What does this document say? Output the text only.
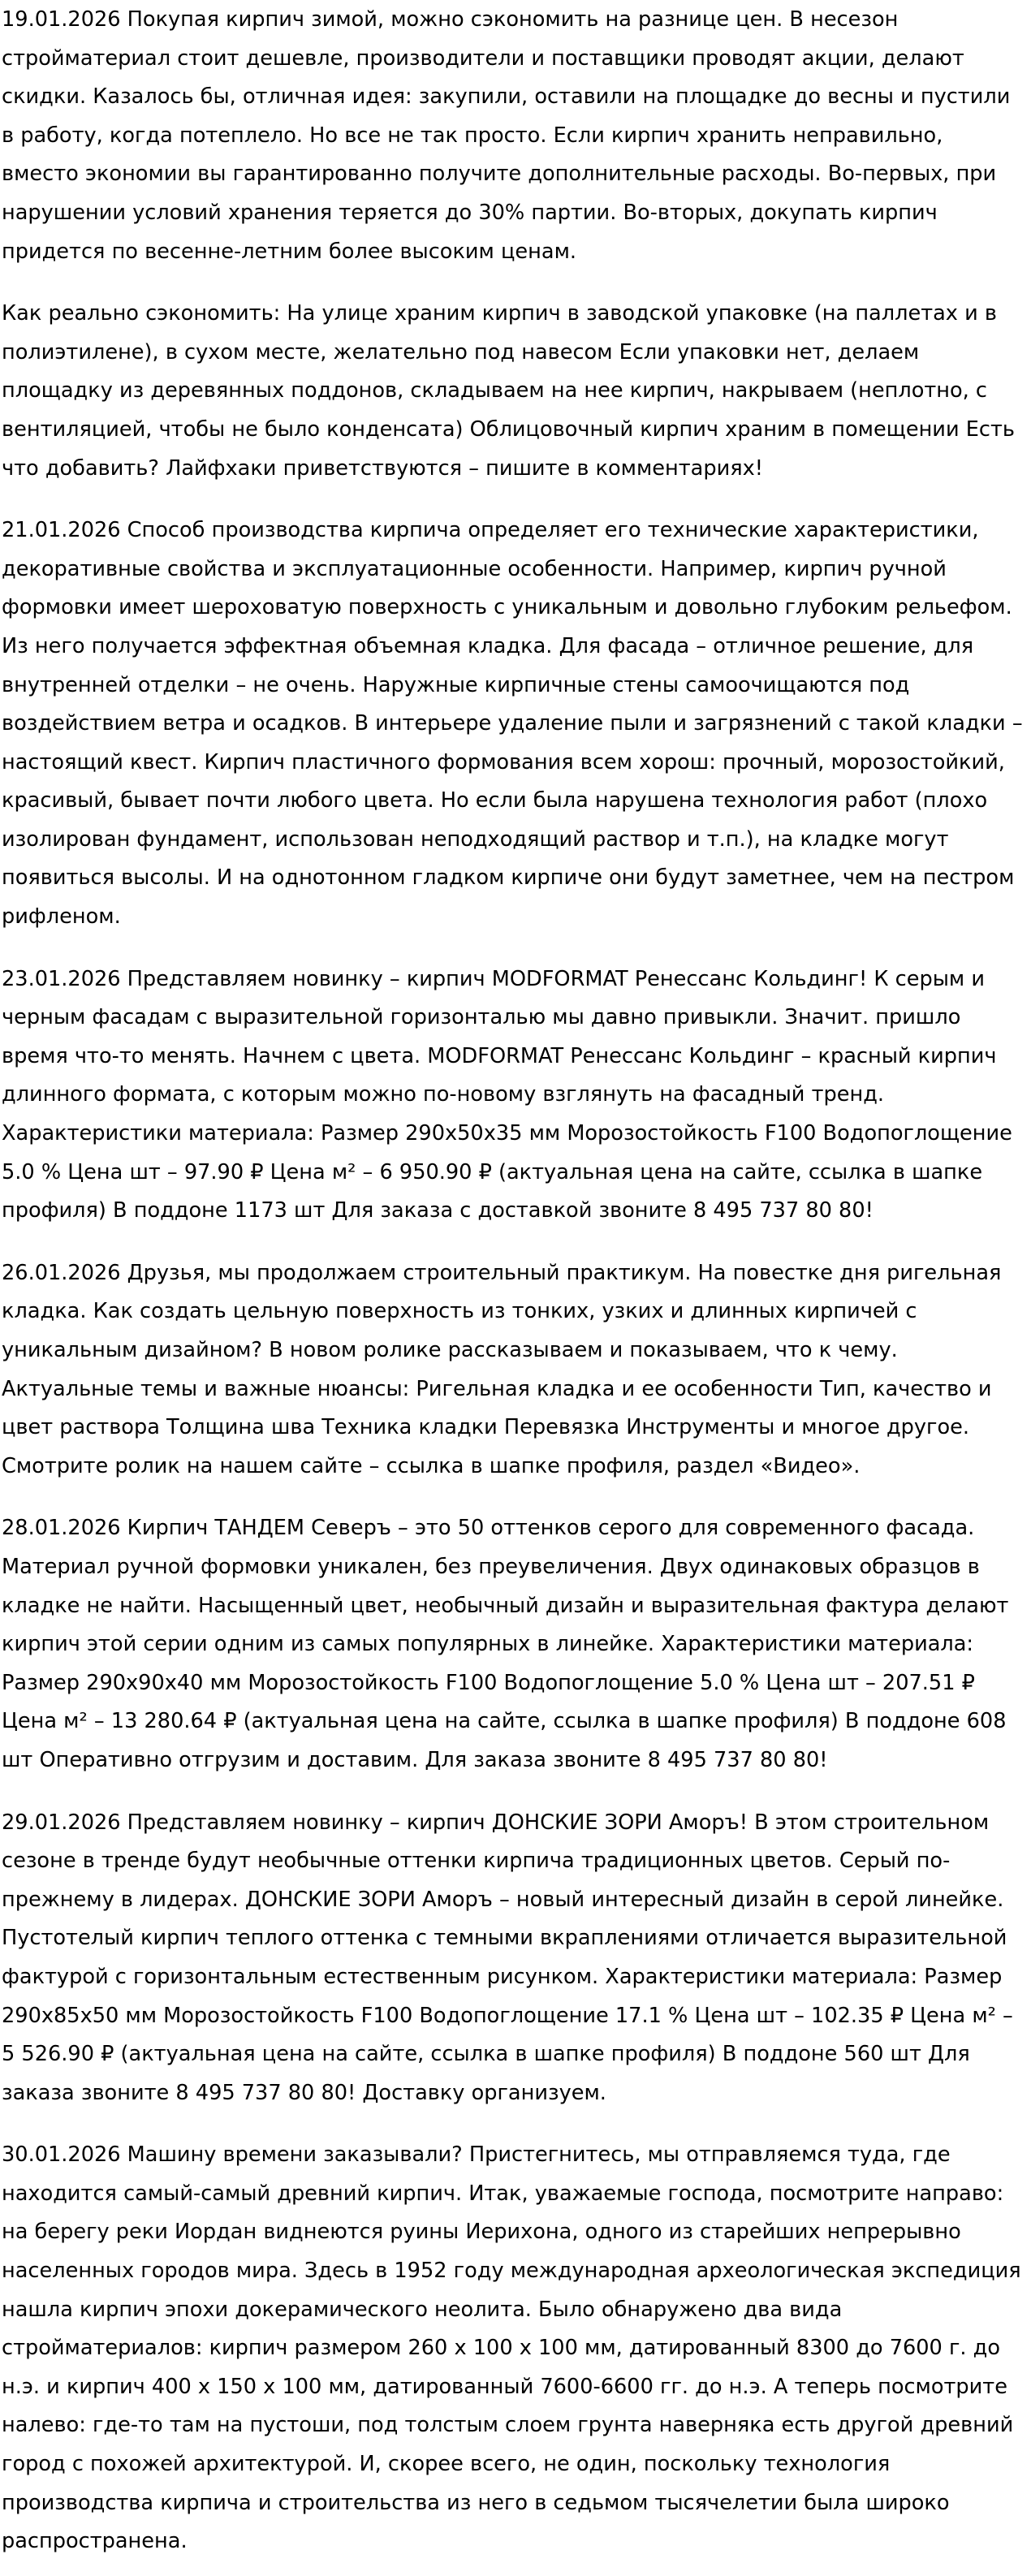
19.01.2026 Покупая кирпич зимой, можно сэкономить на разнице цен. В несезон стройматериал стоит дешевле, производители и поставщики проводят акции, делают скидки. Казалось бы, отличная идея: закупили, оставили на площадке до весны и пустили в работу, когда потеплело. Но все не так просто. Если кирпич хранить неправильно, вместо экономии вы гарантированно получите дополнительные расходы. Во-первых, при нарушении условий хранения теряется до 30% партии. Во-вторых, докупать кирпич придется по весенне-летним более высоким ценам.

Как реально сэкономить: На улице храним кирпич в заводской упаковке (на паллетах и в полиэтилене), в сухом месте, желательно под навесом Если упаковки нет, делаем площадку из деревянных поддонов, складываем на нее кирпич, накрываем (неплотно, с вентиляцией, чтобы не было конденсата) Облицовочный кирпич храним в помещении Есть что добавить? Лайфхаки приветствуются – пишите в комментариях!

21.01.2026 Способ производства кирпича определяет его технические характеристики, декоративные свойства и эксплуатационные особенности. Например, кирпич ручной формовки имеет шероховатую поверхность с уникальным и довольно глубоким рельефом. Из него получается эффектная объемная кладка. Для фасада – отличное решение, для внутренней отделки – не очень. Наружные кирпичные стены самоочищаются под воздействием ветра и осадков. В интерьере удаление пыли и загрязнений с такой кладки – настоящий квест. Кирпич пластичного формования всем хорош: прочный, морозостойкий, красивый, бывает почти любого цвета. Но если была нарушена технология работ (плохо изолирован фундамент, использован неподходящий раствор и т.п.), на кладке могут появиться высолы. И на однотонном гладком кирпиче они будут заметнее, чем на пестром рифленом.

23.01.2026 Представляем новинку – кирпич MODFORMAT Ренессанс Кольдинг! К серым и черным фасадам с выразительной горизонталью мы давно привыкли. Значит. пришло время что-то менять. Начнем с цвета. MODFORMAT Ренессанс Кольдинг – красный кирпич длинного формата, с которым можно по-новому взглянуть на фасадный тренд. Характеристики материала: Размер 290x50x35 мм Морозостойкость F100 Водопоглощение 5.0 % Цена шт – 97.90 ₽ Цена м² – 6 950.90 ₽ (актуальная цена на сайте, ссылка в шапке профиля) В поддоне 1173 шт Для заказа с доставкой звоните 8 495 737 80 80!

26.01.2026 Друзья, мы продолжаем строительный практикум. На повестке дня ригельная кладка. Как создать цельную поверхность из тонких, узких и длинных кирпичей с уникальным дизайном? В новом ролике рассказываем и показываем, что к чему. Актуальные темы и важные нюансы: Ригельная кладка и ее особенности Тип, качество и цвет раствора Толщина шва Техника кладки Перевязка Инструменты и многое другое. Смотрите ролик на нашем сайте – ссылка в шапке профиля, раздел «Видео».

28.01.2026 Кирпич ТАНДЕМ Северъ – это 50 оттенков серого для современного фасада. Материал ручной формовки уникален, без преувеличения. Двух одинаковых образцов в кладке не найти. Насыщенный цвет, необычный дизайн и выразительная фактура делают кирпич этой серии одним из самых популярных в линейке. Характеристики материала: Размер 290x90x40 мм Морозостойкость F100 Водопоглощение 5.0 % Цена шт – 207.51 ₽ Цена м² – 13 280.64 ₽ (актуальная цена на сайте, ссылка в шапке профиля) В поддоне 608 шт Оперативно отгрузим и доставим. Для заказа звоните 8 495 737 80 80!

29.01.2026 Представляем новинку – кирпич ДОНСКИЕ ЗОРИ Аморъ! В этом строительном сезоне в тренде будут необычные оттенки кирпича традиционных цветов. Серый по-прежнему в лидерах. ДОНСКИЕ ЗОРИ Аморъ – новый интересный дизайн в серой линейке. Пустотелый кирпич теплого оттенка с темными вкраплениями отличается выразительной фактурой с горизонтальным естественным рисунком. Характеристики материала: Размер 290x85x50 мм Морозостойкость F100 Водопоглощение 17.1 % Цена шт – 102.35 ₽ Цена м² – 5 526.90 ₽ (актуальная цена на сайте, ссылка в шапке профиля) В поддоне 560 шт Для заказа звоните 8 495 737 80 80! Доставку организуем.

30.01.2026 Машину времени заказывали? Пристегнитесь, мы отправляемся туда, где находится самый-самый древний кирпич. Итак, уважаемые господа, посмотрите направо: на берегу реки Иордан виднеются руины Иерихона, одного из старейших непрерывно населенных городов мира. Здесь в 1952 году международная археологическая экспедиция нашла кирпич эпохи докерамического неолита. Было обнаружено два вида стройматериалов: кирпич размером 260 x 100 x 100 мм, датированный 8300 до 7600 г. до н.э. и кирпич 400 x 150 x 100 мм, датированный 7600-6600 гг. до н.э. А теперь посмотрите налево: где-то там на пустоши, под толстым слоем грунта наверняка есть другой древний город с похожей архитектурой. И, скорее всего, не один, поскольку технология производства кирпича и строительства из него в седьмом тысячелетии была широко распространена.
